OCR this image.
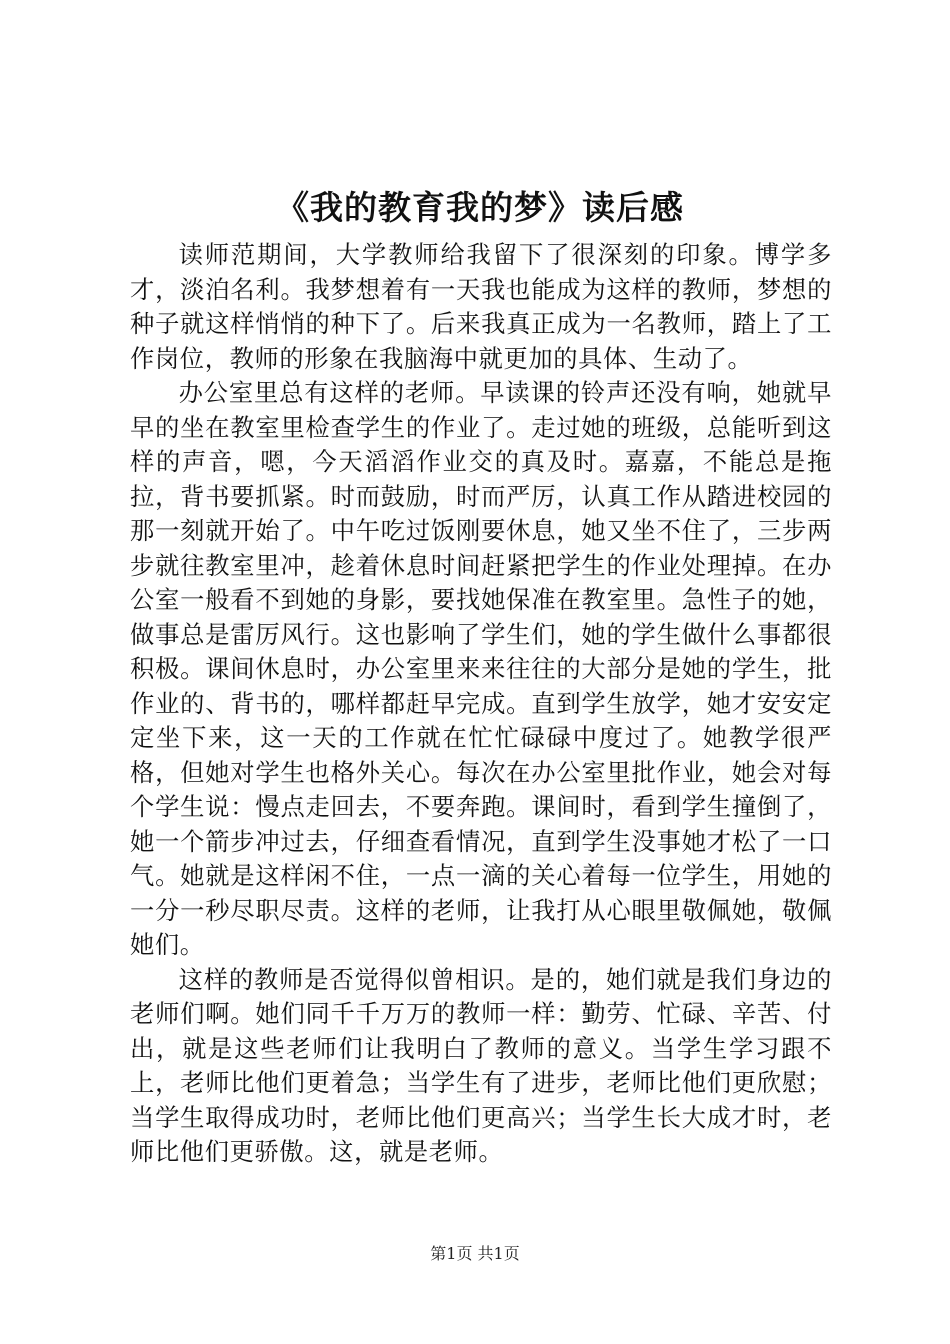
《我的教育我的梦》读后感

读师范期间，大学教师给我留下了很深刻的印象。博学多才，淡泊名利。我梦想着有一天我也能成为这样的教师，梦想的种子就这样悄悄的种下了。后来我真正成为一名教师，踏上了工作岗位，教师的形象在我脑海中就更加的具体、生动了。

办公室里总有这样的老师。早读课的铃声还没有响，她就早早的坐在教室里检查学生的作业了。走过她的班级，总能听到这样的声音，嗯，今天滔滔作业交的真及时。嘉嘉，不能总是拖拉，背书要抓紧。时而鼓励，时而严厉，认真工作从踏进校园的那一刻就开始了。中午吃过饭刚要休息，她又坐不住了，三步两步就往教室里冲，趁着休息时间赶紧把学生的作业处理掉。在办公室一般看不到她的身影，要找她保准在教室里。急性子的她，做事总是雷厉风行。这也影响了学生们，她的学生做什么事都很积极。课间休息时，办公室里来来往往的大部分是她的学生，批作业的、背书的，哪样都赶早完成。直到学生放学，她才安安定定坐下来，这一天的工作就在忙忙碌碌中度过了。她教学很严格，但她对学生也格外关心。每次在办公室里批作业，她会对每个学生说：慢点走回去，不要奔跑。课间时，看到学生撞倒了，她一个箭步冲过去，仔细查看情况，直到学生没事她才松了一口气。她就是这样闲不住，一点一滴的关心着每一位学生，用她的一分一秒尽职尽责。这样的老师，让我打从心眼里敬佩她，敬佩她们。

这样的教师是否觉得似曾相识。是的，她们就是我们身边的老师们啊。她们同千千万万的教师一样：勤劳、忙碌、辛苦、付出，就是这些老师们让我明白了教师的意义。当学生学习跟不上，老师比他们更着急；当学生有了进步，老师比他们更欣慰；当学生取得成功时，老师比他们更高兴；当学生长大成才时，老师比他们更骄傲。这，就是老师。

第1页 共1页
